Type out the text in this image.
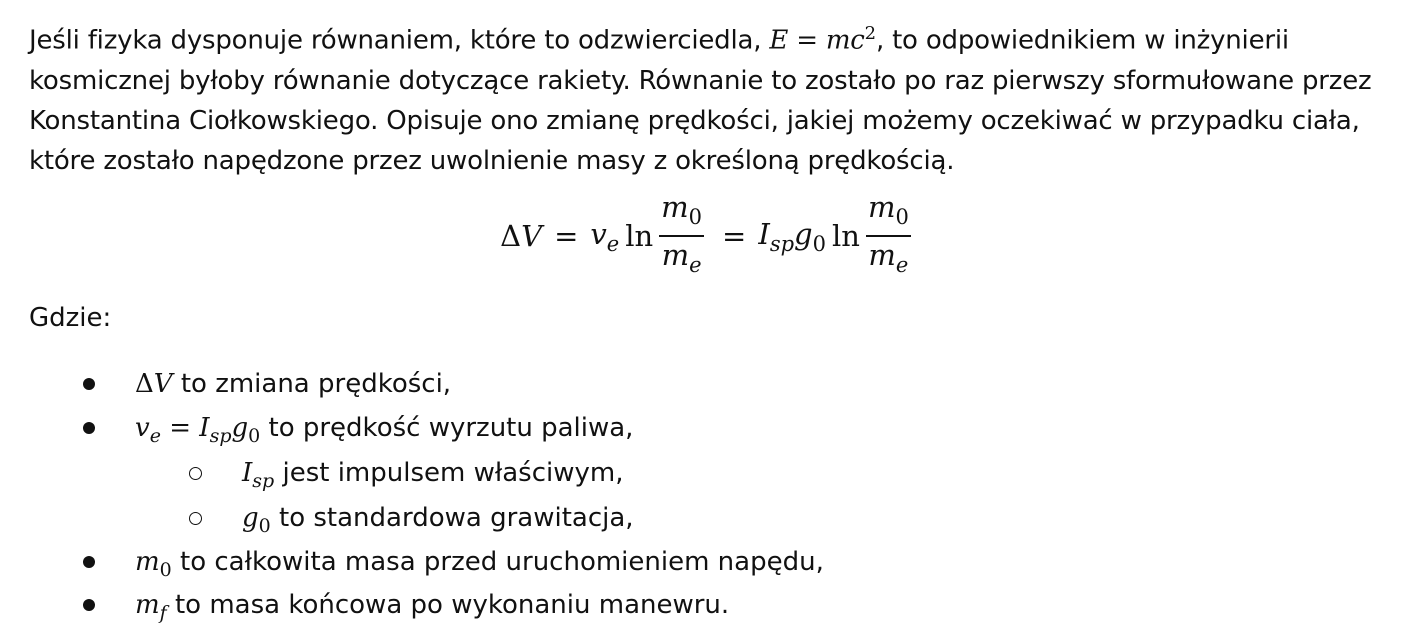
Jeśli fizyka dysponuje równaniem, które to odzwierciedla, $E = mc^2$, to odpowiednikiem w inżynierii kosmicznej byłoby równanie dotyczące rakiety. Równanie to zostało po raz pierwszy sformułowane przez Konstantina Ciołkowskiego. Opisuje ono zmianę prędkości, jakiej możemy oczekiwać w przypadku ciała, które zostało napędzone przez uwolnienie masy z określoną prędkością.

Δ $V = v_e$ $\ln \frac{m_0}{m_e} = I_{sp}$ $g_0$ $\ln \frac{m_0}{m_e}$
Gdzie:
ΔV to zmiana prędkości,
$v_e = I_{sp}g_0$ to prędkość wyrzutu paliwa,
$I_{sp}$ jest impulsem właściwym,
$g_0$ to standardowa grawitacja,
$m_0$ to całkowita masa przed uruchomieniem napędu,
$m_f$ to masa końcowa po wykonaniu manewru.
